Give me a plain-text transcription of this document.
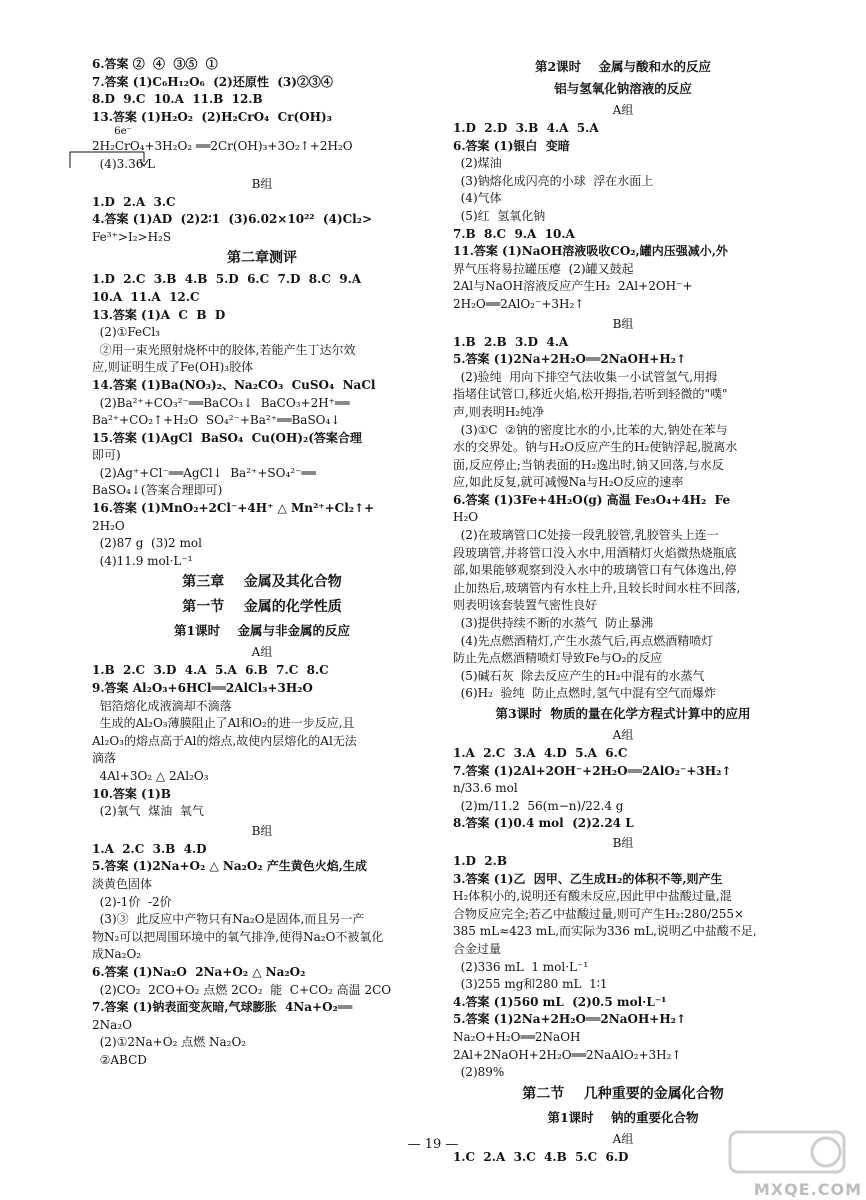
6.答案 ②  ④  ③⑤  ①
7.答案 (1)C₆H₁₂O₆  (2)还原性  (3)②③④
8.D  9.C  10.A  11.B  12.B
13.答案 (1)H₂O₂  (2)H₂CrO₄  Cr(OH)₃
6e⁻
2H₂CrO₄+3H₂O₂ ══2Cr(OH)₃+3O₂↑+2H₂O
(4)3.36 L
B组
1.D  2.A  3.C
4.答案 (1)AD  (2)2∶1  (3)6.02×10²²  (4)Cl₂>
Fe³⁺>I₂>H₂S
第二章测评
1.D  2.C  3.B  4.B  5.D  6.C  7.D  8.C  9.A
10.A  11.A  12.C
13.答案 (1)A  C  B  D
(2)①FeCl₃
②用一束光照射烧杯中的胶体,若能产生丁达尔效
应,则证明生成了Fe(OH)₃胶体
14.答案 (1)Ba(NO₃)₂、Na₂CO₃  CuSO₄  NaCl
(2)Ba²⁺+CO₃²⁻══BaCO₃↓  BaCO₃+2H⁺══
Ba²⁺+CO₂↑+H₂O  SO₄²⁻+Ba²⁺══BaSO₄↓
15.答案 (1)AgCl  BaSO₄  Cu(OH)₂(答案合理
即可)
(2)Ag⁺+Cl⁻══AgCl↓  Ba²⁺+SO₄²⁻══
BaSO₄↓(答案合理即可)
16.答案 (1)MnO₂+2Cl⁻+4H⁺ △ Mn²⁺+Cl₂↑+
2H₂O
(2)87 g  (3)2 mol
(4)11.9 mol·L⁻¹
第三章    金属及其化合物
第一节    金属的化学性质
第1课时    金属与非金属的反应
A组
1.B  2.C  3.D  4.A  5.A  6.B  7.C  8.C
9.答案 Al₂O₃+6HCl══2AlCl₃+3H₂O
铝箔熔化成液滴却不滴落
生成的Al₂O₃薄膜阻止了Al和O₂的进一步反应,且
Al₂O₃的熔点高于Al的熔点,故使内层熔化的Al无法
滴落
4Al+3O₂ △ 2Al₂O₃
10.答案 (1)B
(2)氧气  煤油  氧气
B组
1.A  2.C  3.B  4.D
5.答案 (1)2Na+O₂ △ Na₂O₂ 产生黄色火焰,生成
淡黄色固体
(2)-1价  -2价
(3)③  此反应中产物只有Na₂O是固体,而且另一产
物N₂可以把周围环境中的氧气排净,使得Na₂O不被氧化
成Na₂O₂
6.答案 (1)Na₂O  2Na+O₂ △ Na₂O₂
(2)CO₂  2CO+O₂ 点燃 2CO₂  能  C+CO₂ 高温 2CO
7.答案 (1)钠表面变灰暗,气球膨胀  4Na+O₂══
2Na₂O
(2)①2Na+O₂ 点燃 Na₂O₂
②ABCD
第2课时    金属与酸和水的反应
铝与氢氧化钠溶液的反应
A组
1.D  2.D  3.B  4.A  5.A
6.答案 (1)银白  变暗
(2)煤油
(3)钠熔化成闪亮的小球  浮在水面上
(4)气体
(5)红  氢氧化钠
7.B  8.C  9.A  10.A
11.答案 (1)NaOH溶液吸收CO₂,罐内压强减小,外
界气压将易拉罐压瘪  (2)罐又鼓起
2Al与NaOH溶液反应产生H₂  2Al+2OH⁻+
2H₂O══2AlO₂⁻+3H₂↑
B组
1.B  2.B  3.D  4.A
5.答案 (1)2Na+2H₂O══2NaOH+H₂↑
(2)验纯  用向下排空气法收集一小试管氢气,用拇
指堵住试管口,移近火焰,松开拇指,若听到轻微的"噗"
声,则表明H₂纯净
(3)①C  ②钠的密度比水的小,比苯的大,钠处在苯与
水的交界处。钠与H₂O反应产生的H₂使钠浮起,脱离水
面,反应停止;当钠表面的H₂逸出时,钠又回落,与水反
应,如此反复,就可减慢Na与H₂O反应的速率
6.答案 (1)3Fe+4H₂O(g) 高温 Fe₃O₄+4H₂  Fe
H₂O
(2)在玻璃管口C处接一段乳胶管,乳胶管头上连一
段玻璃管,并将管口没入水中,用酒精灯火焰微热烧瓶底
部,如果能够观察到没入水中的玻璃管口有气体逸出,停
止加热后,玻璃管内有水柱上升,且较长时间水柱不回落,
则表明该套装置气密性良好
(3)提供持续不断的水蒸气  防止暴沸
(4)先点燃酒精灯,产生水蒸气后,再点燃酒精喷灯
防止先点燃酒精喷灯导致Fe与O₂的反应
(5)碱石灰  除去反应产生的H₂中混有的水蒸气
(6)H₂  验纯  防止点燃时,氢气中混有空气而爆炸
第3课时  物质的量在化学方程式计算中的应用
A组
1.A  2.C  3.A  4.D  5.A  6.C
7.答案 (1)2Al+2OH⁻+2H₂O══2AlO₂⁻+3H₂↑
n/33.6 mol
(2)m/11.2  56(m−n)/22.4 g
8.答案 (1)0.4 mol  (2)2.24 L
B组
1.D  2.B
3.答案 (1)乙  因甲、乙生成H₂的体积不等,则产生
H₂体积小的,说明还有酸未反应,因此甲中盐酸过量,混
合物反应完全;若乙中盐酸过量,则可产生H₂:280/255×
385 mL≈423 mL,而实际为336 mL,说明乙中盐酸不足,
合金过量
(2)336 mL  1 mol·L⁻¹
(3)255 mg和280 mL  1∶1
4.答案 (1)560 mL  (2)0.5 mol·L⁻¹
5.答案 (1)2Na+2H₂O══2NaOH+H₂↑
Na₂O+H₂O══2NaOH
2Al+2NaOH+2H₂O══2NaAlO₂+3H₂↑
(2)89%
第二节    几种重要的金属化合物
第1课时    钠的重要化合物
A组
1.C  2.A  3.C  4.B  5.C  6.D
— 19 —
MXQE.COM
